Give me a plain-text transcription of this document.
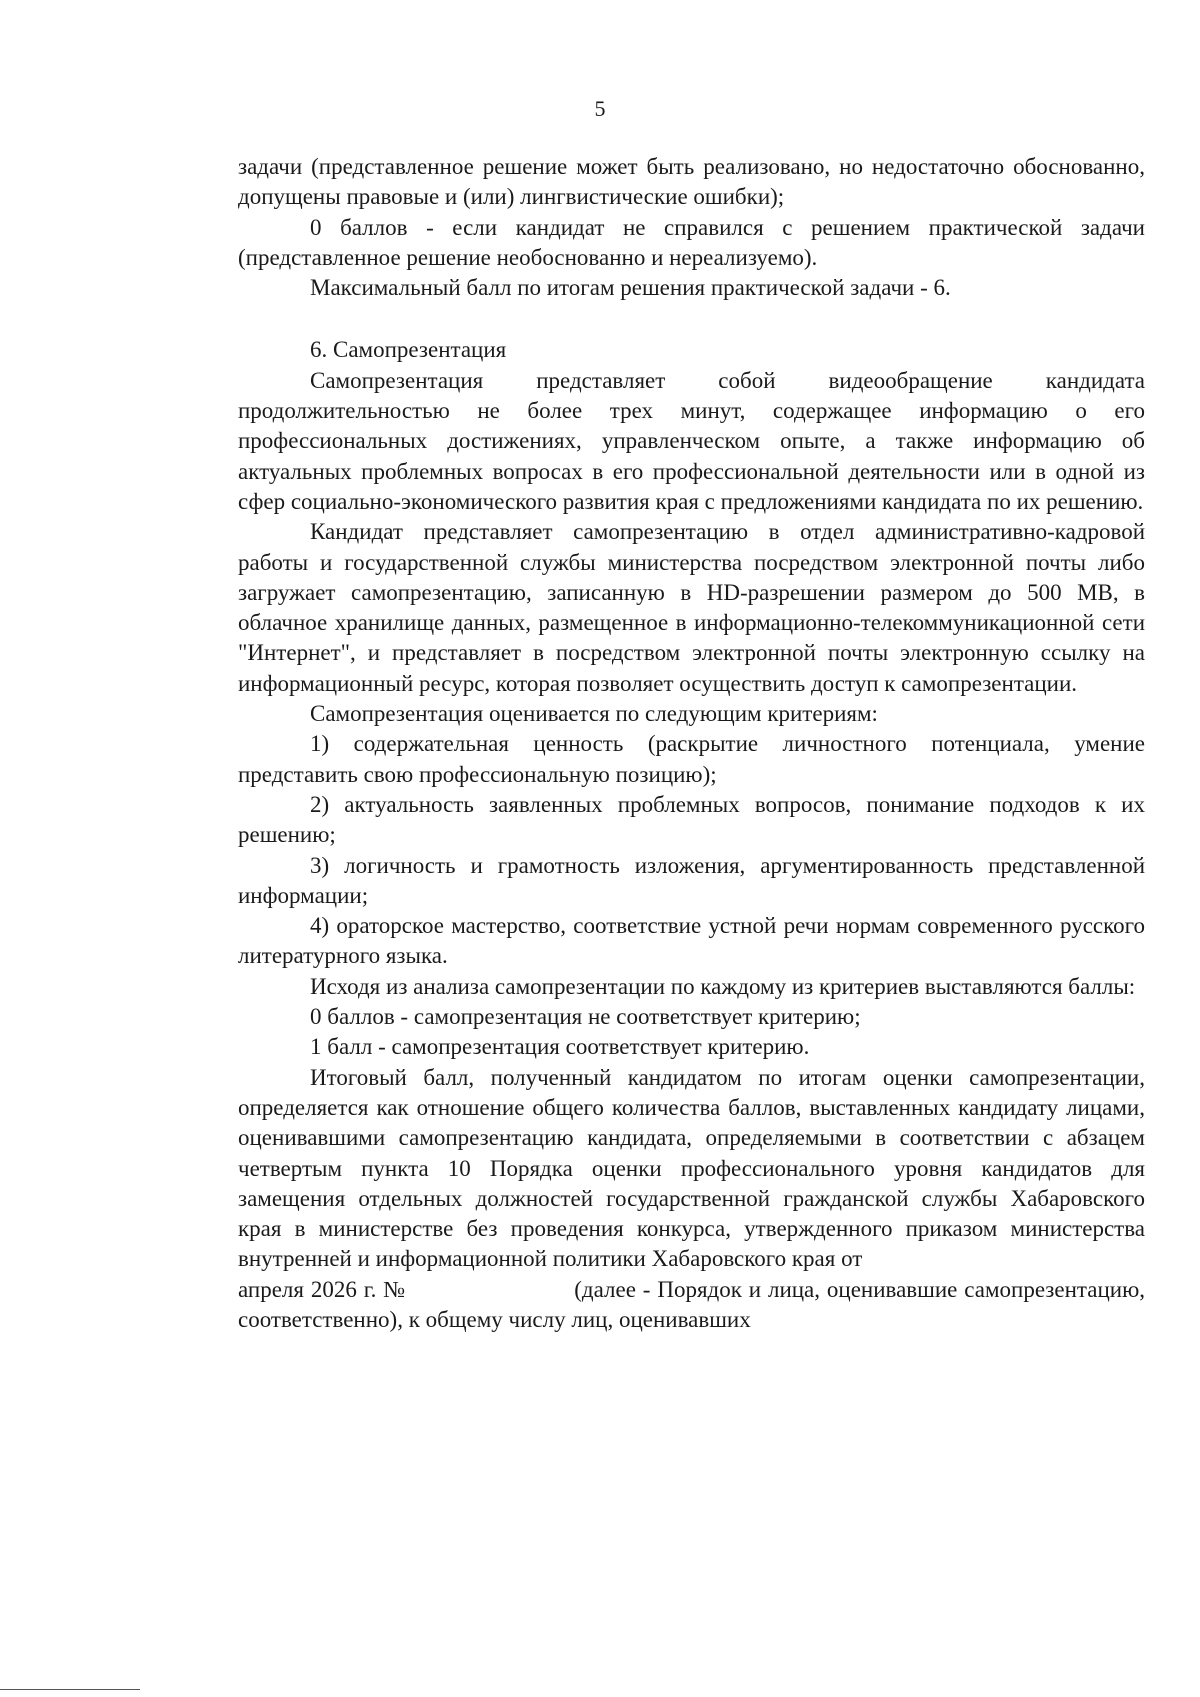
5

задачи (представленное решение может быть реализовано, но недостаточно обоснованно, допущены правовые и (или) лингвистические ошибки);

0 баллов - если кандидат не справился с решением практической задачи (представленное решение необоснованно и нереализуемо).

Максимальный балл по итогам решения практической задачи - 6.

6. Самопрезентация

Самопрезентация представляет собой видеообращение кандидата продолжительностью не более трех минут, содержащее информацию о его профессиональных достижениях, управленческом опыте, а также информацию об актуальных проблемных вопросах в его профессиональной деятельности или в одной из сфер социально-экономического развития края с предложениями кандидата по их решению.

Кандидат представляет самопрезентацию в отдел административно-кадровой работы и государственной службы министерства посредством электронной почты либо загружает самопрезентацию, записанную в HD-разрешении размером до 500 МВ, в облачное хранилище данных, размещенное в информационно-телекоммуникационной сети "Интернет", и представляет в посредством электронной почты электронную ссылку на информационный ресурс, которая позволяет осуществить доступ к самопрезентации.

Самопрезентация оценивается по следующим критериям:

1) содержательная ценность (раскрытие личностного потенциала, умение представить свою профессиональную позицию);

2) актуальность заявленных проблемных вопросов, понимание подходов к их решению;

3) логичность и грамотность изложения, аргументированность представленной информации;

4) ораторское мастерство, соответствие устной речи нормам современного русского литературного языка.

Исходя из анализа самопрезентации по каждому из критериев выставляются баллы:

0 баллов - самопрезентация не соответствует критерию;

1 балл - самопрезентация соответствует критерию.

Итоговый балл, полученный кандидатом по итогам оценки самопрезентации, определяется как отношение общего количества баллов, выставленных кандидату лицами, оценивавшими самопрезентацию кандидата, определяемыми в соответствии с абзацем четвертым пункта 10 Порядка оценки профессионального уровня кандидатов для замещения отдельных должностей государственной гражданской службы Хабаровского края в министерстве без проведения конкурса, утвержденного приказом министерства внутренней и информационной политики Хабаровского края от

апреля 2026 г. №	(далее - Порядок и лица, оценивавшие самопрезентацию, соответственно), к общему числу лиц, оценивавших
